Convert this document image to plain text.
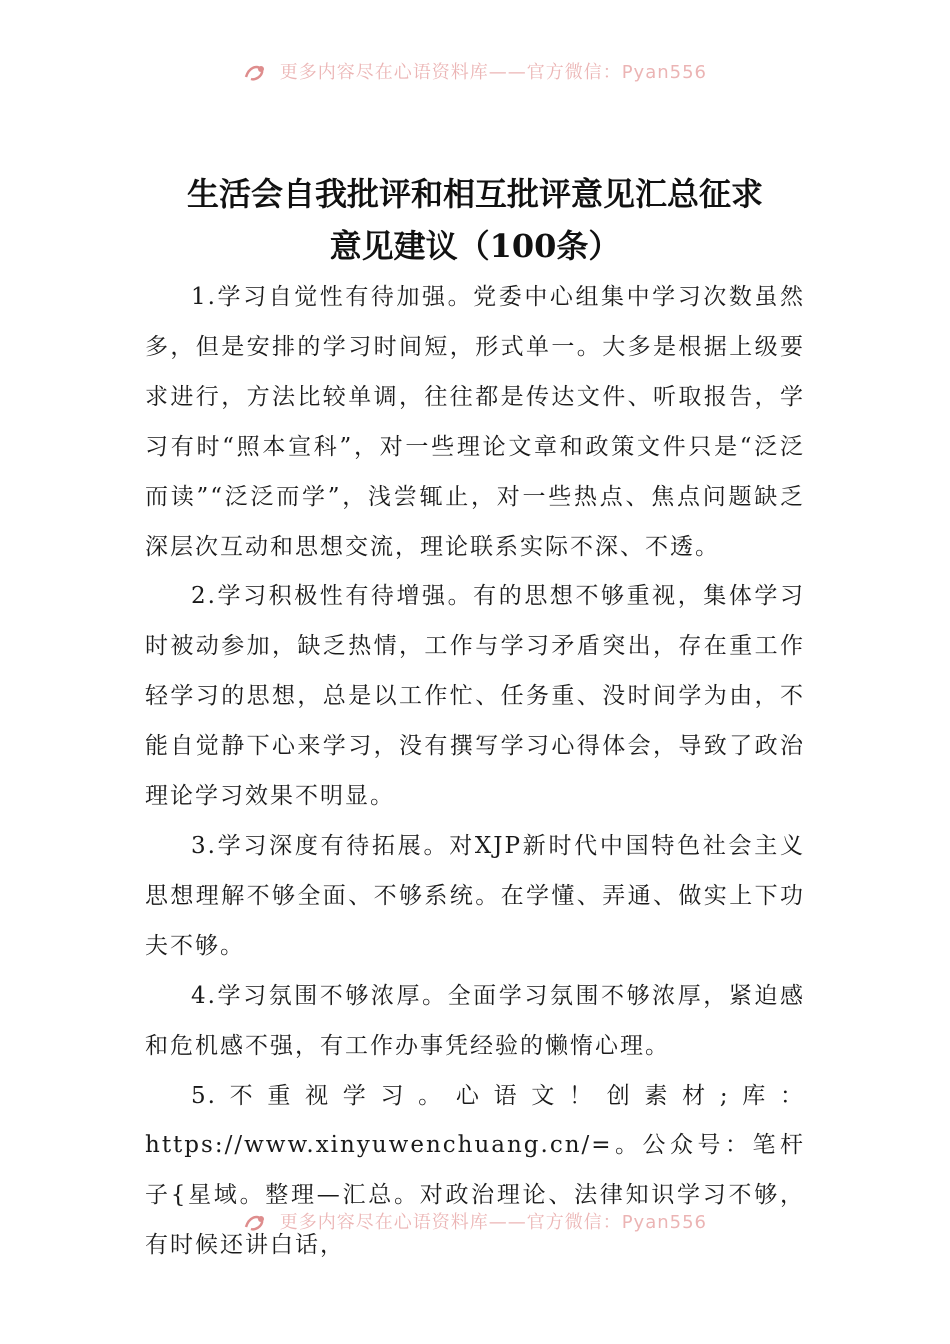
更多内容尽在心语资料库——官方微信：Pyan556
生活会自我批评和相互批评意见汇总征求
意见建议（100条）

1.学习自觉性有待加强。党委中心组集中学习次数虽然多，但是安排的学习时间短，形式单一。大多是根据上级要求进行，方法比较单调，往往都是传达文件、听取报告，学习有时“照本宣科”，对一些理论文章和政策文件只是“泛泛而读”“泛泛而学”，浅尝辄止，对一些热点、焦点问题缺乏深层次互动和思想交流，理论联系实际不深、不透。

2.学习积极性有待增强。有的思想不够重视，集体学习时被动参加，缺乏热情，工作与学习矛盾突出，存在重工作轻学习的思想，总是以工作忙、任务重、没时间学为由，不能自觉静下心来学习，没有撰写学习心得体会，导致了政治理论学习效果不明显。

3.学习深度有待拓展。对XJP新时代中国特色社会主义思想理解不够全面、不够系统。在学懂、弄通、做实上下功夫不够。

4.学习氛围不够浓厚。全面学习氛围不够浓厚，紧迫感和危机感不强，有工作办事凭经验的懒惰心理。

5.不重视学习。心语文！创素材;库：https://www.xinyuwenchuang.cn/=。公众号：笔杆子{星域。整理—汇总。对政治理论、法律知识学习不够，有时候还讲白话，

更多内容尽在心语资料库——官方微信：Pyan556
